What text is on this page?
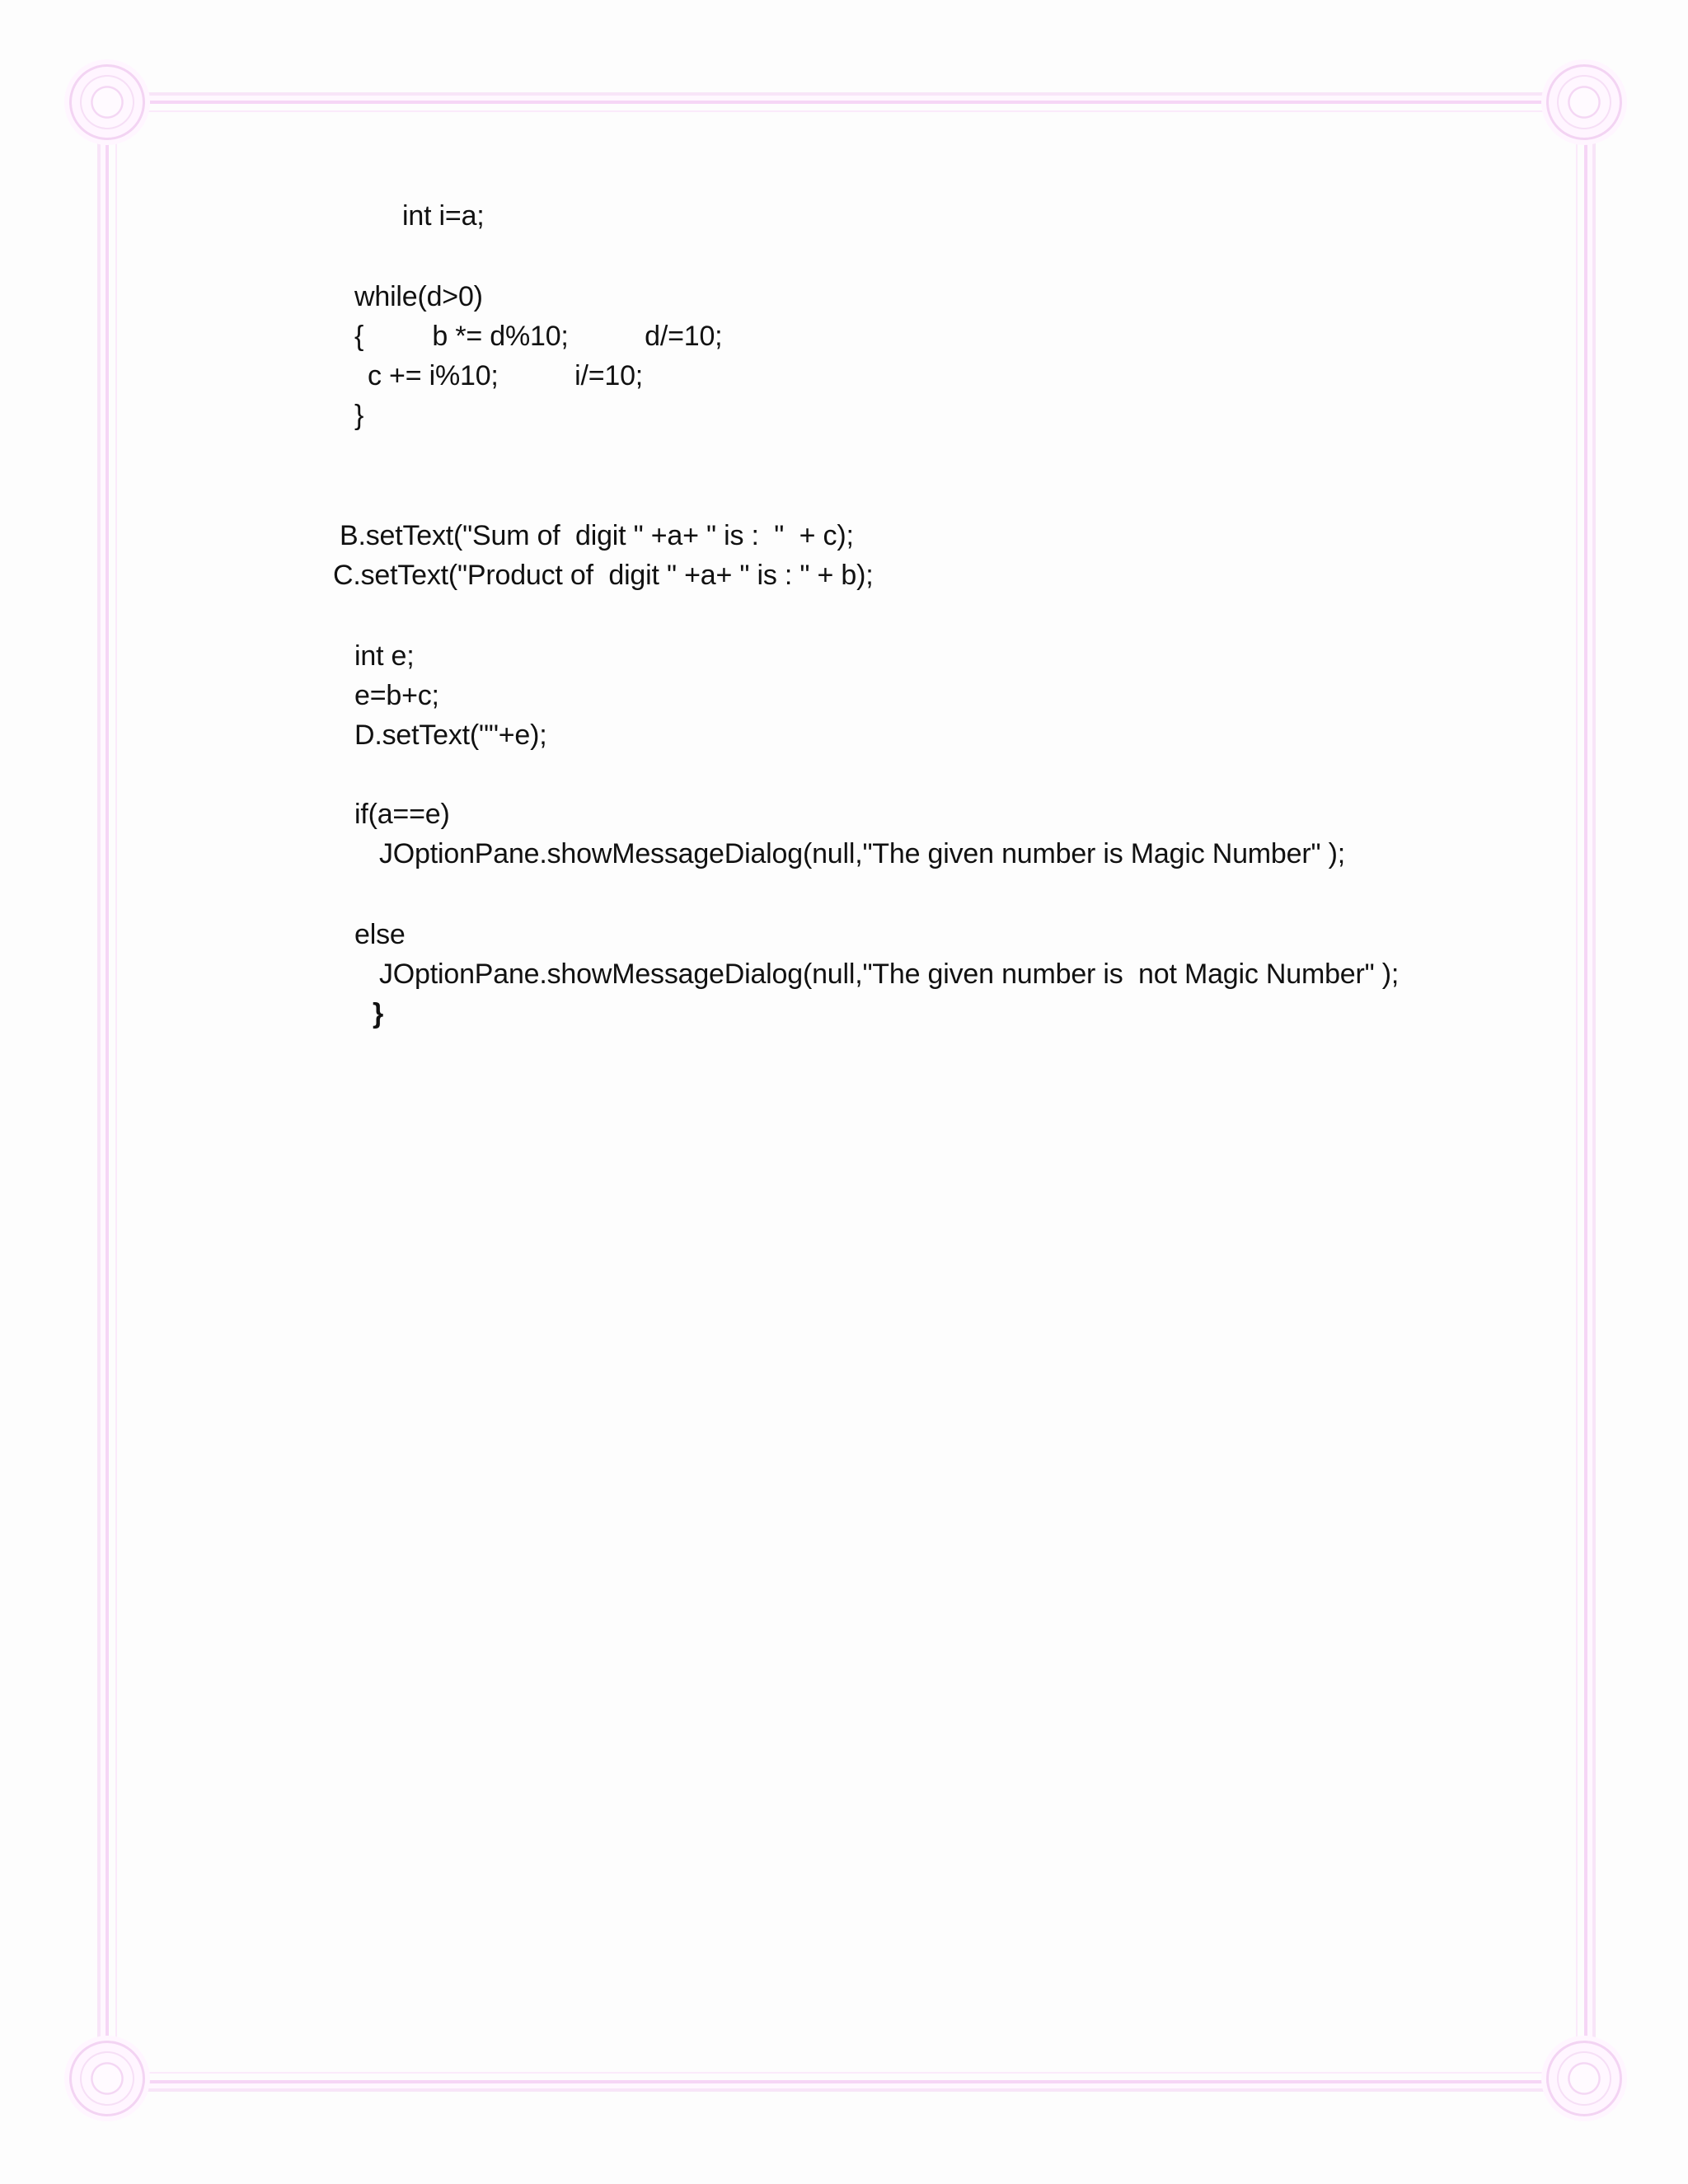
int i=a;
while(d>0)
{         b *= d%10;          d/=10;
c += i%10;          i/=10;
}
B.setText("Sum of  digit " +a+ " is :  "  + c);
C.setText("Product of  digit " +a+ " is : " + b);
int e;
e=b+c;
D.setText(""+e);
if(a==e)
JOptionPane.showMessageDialog(null,"The given number is Magic Number" );
else
JOptionPane.showMessageDialog(null,"The given number is  not Magic Number" );
}
